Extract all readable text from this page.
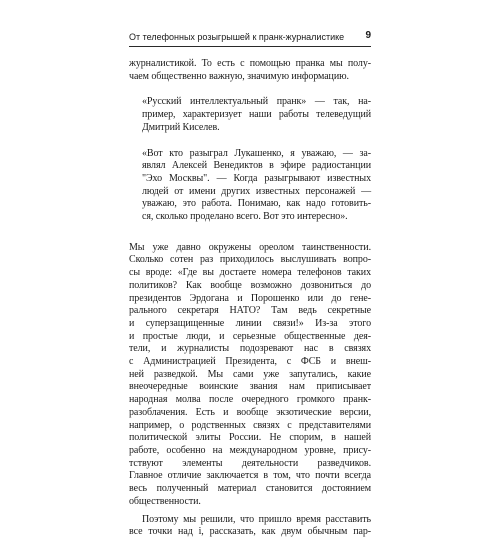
От телефонных розыгрышей к пранк-журналистике 9

журналистикой. То есть с помощью пранка мы полу-
чаем общественно важную, значимую информацию.

«Русский интеллектуальный пранк» — так, на-
пример, характеризует наши работы телеведущий
Дмитрий Киселев.

«Вот кто разыграл Лукашенко, я уважаю, — за-
являл Алексей Венедиктов в эфире радиостанции
"Эхо Москвы". — Когда разыгрывают известных
людей от имени других известных персонажей —
уважаю, это работа. Понимаю, как надо готовить-
ся, сколько проделано всего. Вот это интересно».

Мы уже давно окружены ореолом таинственности.
Сколько сотен раз приходилось выслушивать вопро-
сы вроде: «Где вы достаете номера телефонов таких
политиков? Как вообще возможно дозвониться до
президентов Эрдогана и Порошенко или до гене-
рального секретаря НАТО? Там ведь секретные
и суперзащищенные линии связи!» Из-за этого
и простые люди, и серьезные общественные дея-
тели, и журналисты подозревают нас в связях
с Администрацией Президента, с ФСБ и внеш-
ней разведкой. Мы сами уже запутались, какие
внеочередные воинские звания нам приписывает
народная молва после очередного громкого пранк-
разоблачения. Есть и вообще экзотические версии,
например, о родственных связях с представителями
политической элиты России. Не спорим, в нашей
работе, особенно на международном уровне, прису-
тствуют элементы деятельности разведчиков.
Главное отличие заключается в том, что почти всегда
весь полученный материал становится достоянием
общественности.

Поэтому мы решили, что пришло время расставить
все точки над i, рассказать, как двум обычным пар-
